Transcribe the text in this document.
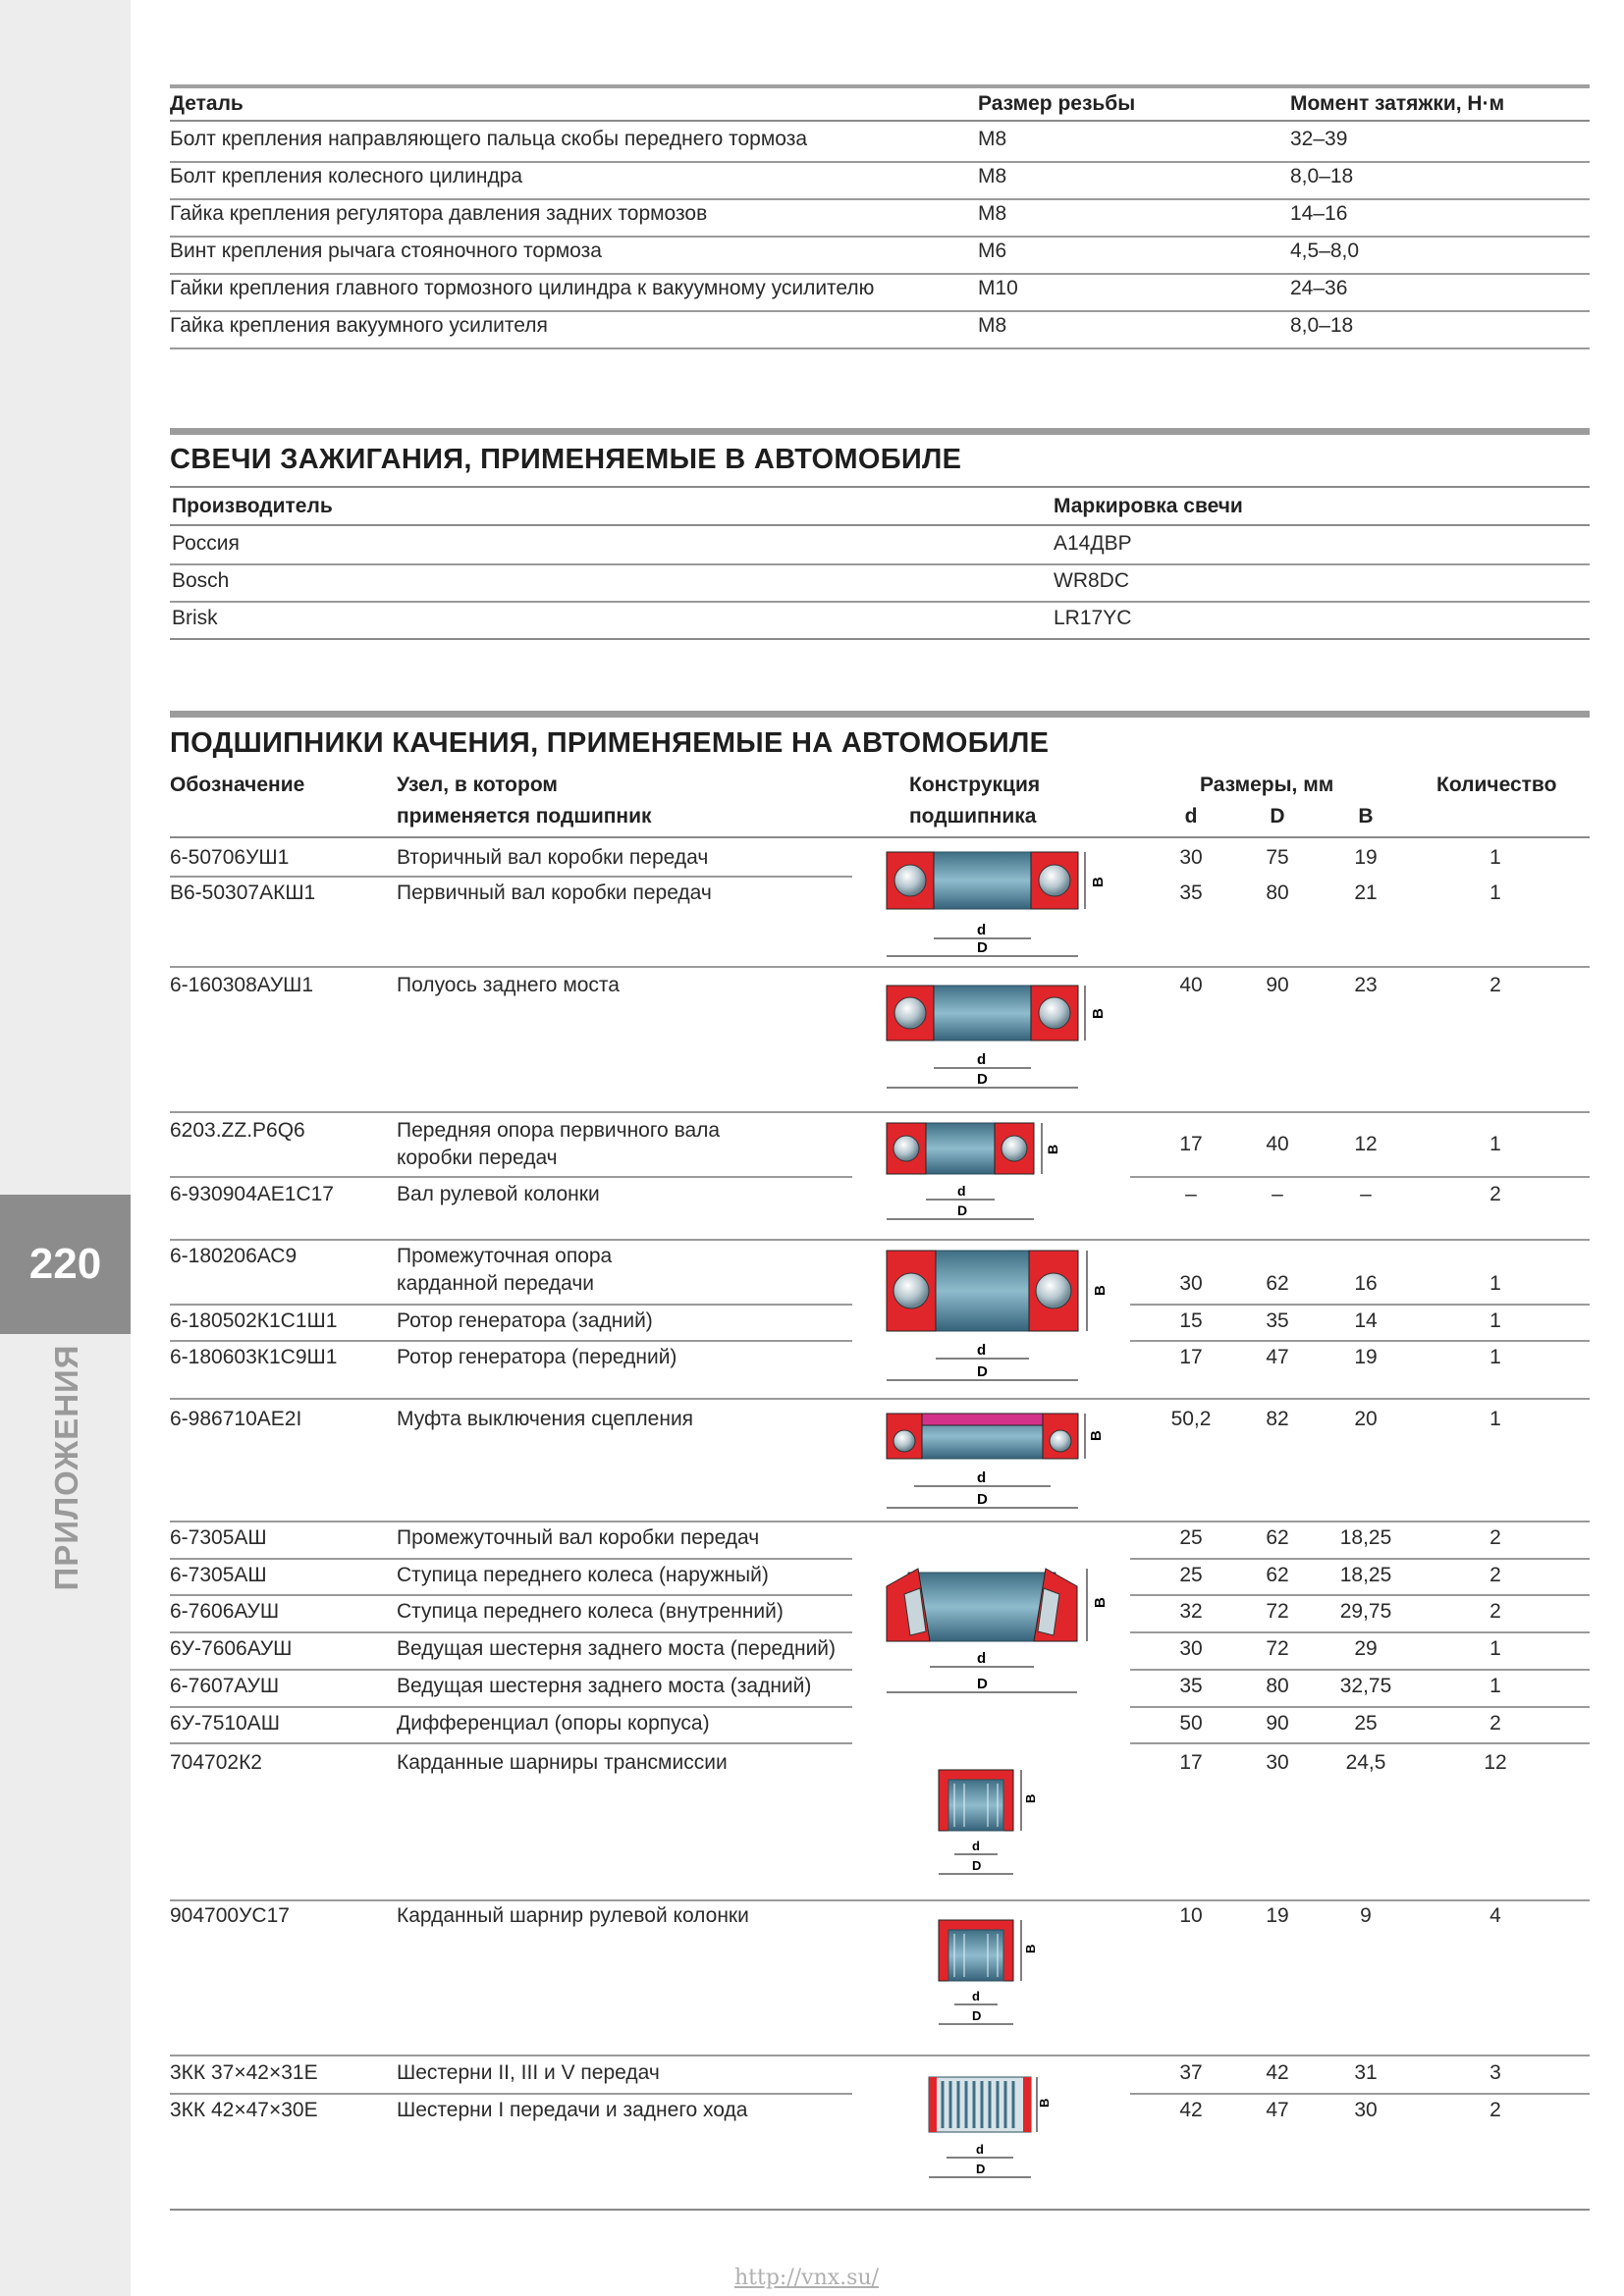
220
ПРИЛОЖЕНИЯ
Деталь	Размер резьбы	Момент затяжки, Н·м
Болт крепления направляющего пальца скобы переднего тормоза	M8	32–39
Болт крепления колесного цилиндра	M8	8,0–18
Гайка крепления регулятора давления задних тормозов	M8	14–16
Винт крепления рычага стояночного тормоза	M6	4,5–8,0
Гайки крепления главного тормозного цилиндра к вакуумному усилителю	M10	24–36
Гайка крепления вакуумного усилителя	M8	8,0–18
СВЕЧИ ЗАЖИГАНИЯ, ПРИМЕНЯЕМЫЕ В АВТОМОБИЛЕ
Производитель	Маркировка свечи
Россия	А14ДВР
Bosch	WR8DC
Brisk	LR17YC
ПОДШИПНИКИ КАЧЕНИЯ, ПРИМЕНЯЕМЫЕ НА АВТОМОБИЛЕ
Обозначение	Узел, в котором
применяется подшипник
Конструкция
подшипника
Размеры, мм
d	D	B
Количество
6-50706УШ1	Вторичный вал коробки передач	30	75	19	1
В6-50307АКШ1	Первичный вал коробки передач	35	80	21	1
6-160308АУШ1	Полуось заднего моста	40	90	23	2
6203.ZZ.P6Q6	Передняя опора первичного вала
коробки передач
17	40	12	1
6-930904АЕ1С17	Вал рулевой колонки	–	–	–	2
6-180206АС9	Промежуточная опора
карданной передачи	30	62	16	1
6-180502К1С1Ш1	Ротор генератора (задний)	15	35	14	1
6-180603К1С9Ш1	Ротор генератора (передний)	17	47	19	1
6-986710АЕ2I	Муфта выключения сцепления	50,2	82	20	1
6-7305АШ	Промежуточный вал коробки передач	25	62	18,25	2
6-7305АШ	Ступица переднего колеса (наружный)	25	62	18,25	2
6-7606АУШ	Ступица переднего колеса (внутренний)	32	72	29,75	2
6У-7606АУШ	Ведущая шестерня заднего моста (передний)	30	72	29	1
6-7607АУШ	Ведущая шестерня заднего моста (задний)	35	80	32,75	1
6У-7510АШ	Дифференциал (опоры корпуса)	50	90	25	2
704702К2	Карданные шарниры трансмиссии	17	30	24,5	12
904700УС17	Карданный шарнир рулевой колонки	10	19	9	4
3КК 37×42×31Е	Шестерни II, III и V передач	37	42	31	3
3КК 42×47×30Е	Шестерни I передачи и заднего хода	42	47	30	2
B
d
D
B
d
D
B
d
D
B
d
D
B
d
D
B
d
D
B
d
D
B
d
D
B
d
D
http://vnx.su/
